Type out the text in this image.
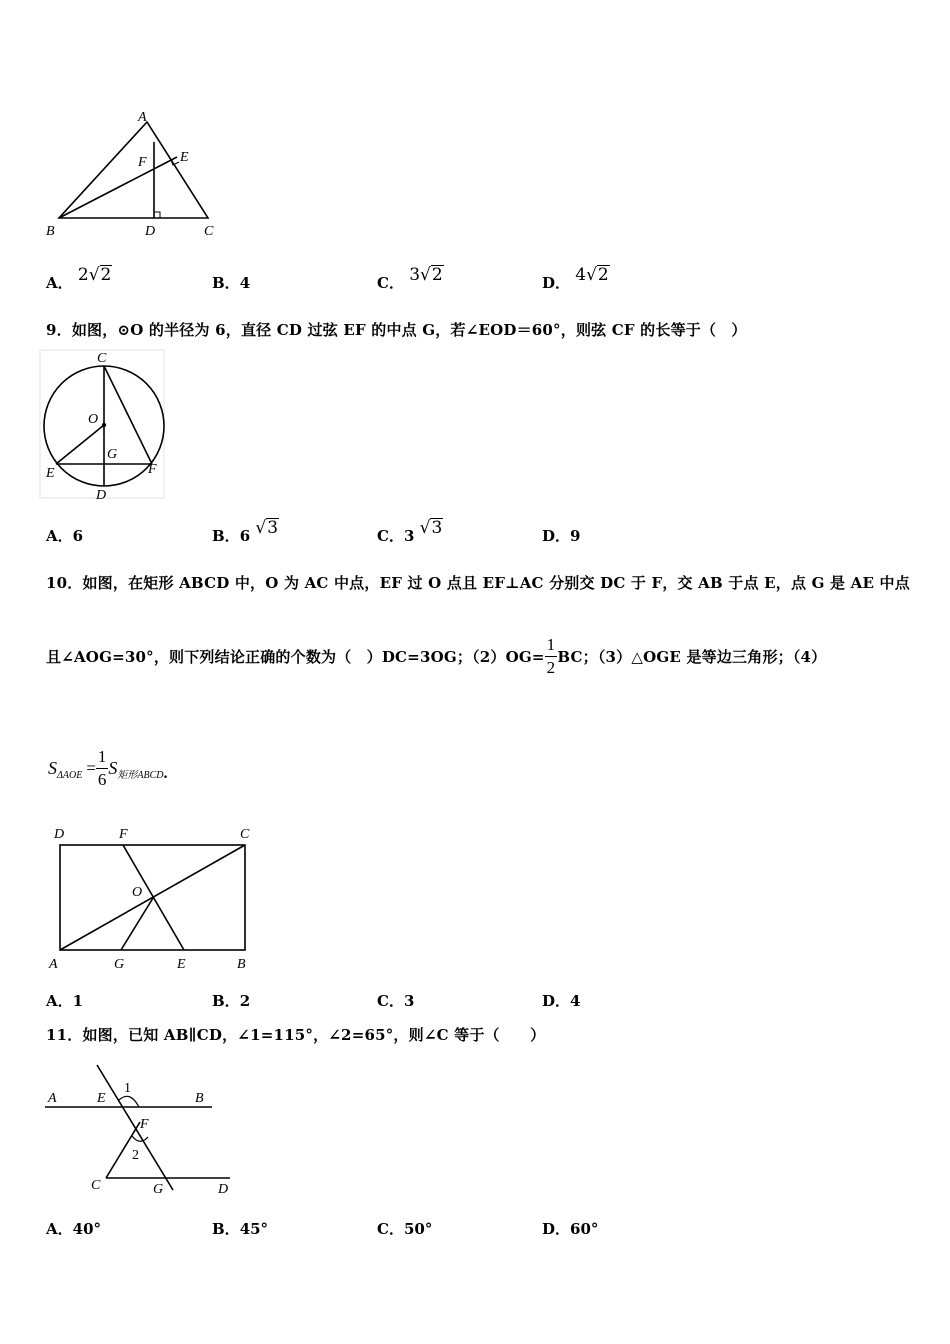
A
F E
B	D	C
A． 2√2	B．4	C． 3√2	D． 4√2
9．如图，⊙O 的半径为 6，直径 CD 过弦 EF 的中点 G，若∠EOD＝60°，则弦 CF 的长等于（　）
C
O
G
E	F
D
A．6	B．6 √3	C．3 √3	D．9
10．如图，在矩形 ABCD 中，O 为 AC 中点，EF 过 O 点且 EF⊥AC 分别交 DC 于 F，交 AB 于点 E，点 G 是 AE 中点
且∠AOG=30°，则下列结论正确的个数为（　）DC=3OG；$(2)OG= \frac{1}{2}$ BC；（3）△OGE 是等边三角形；（4）
$S_{\Delta AOE} = \frac{1}{6} S_{矩形ABCD}$.
D	F	C
O
A	G	E	B
A．1	B．2	C．3	D．4
11．如图，已知 AB∥CD，∠1=115°，∠2=65°，则∠C 等于（　　）
A	E
1
B
F
2
C	G	D
A．40°	B．45°	C．50°	D．60°
